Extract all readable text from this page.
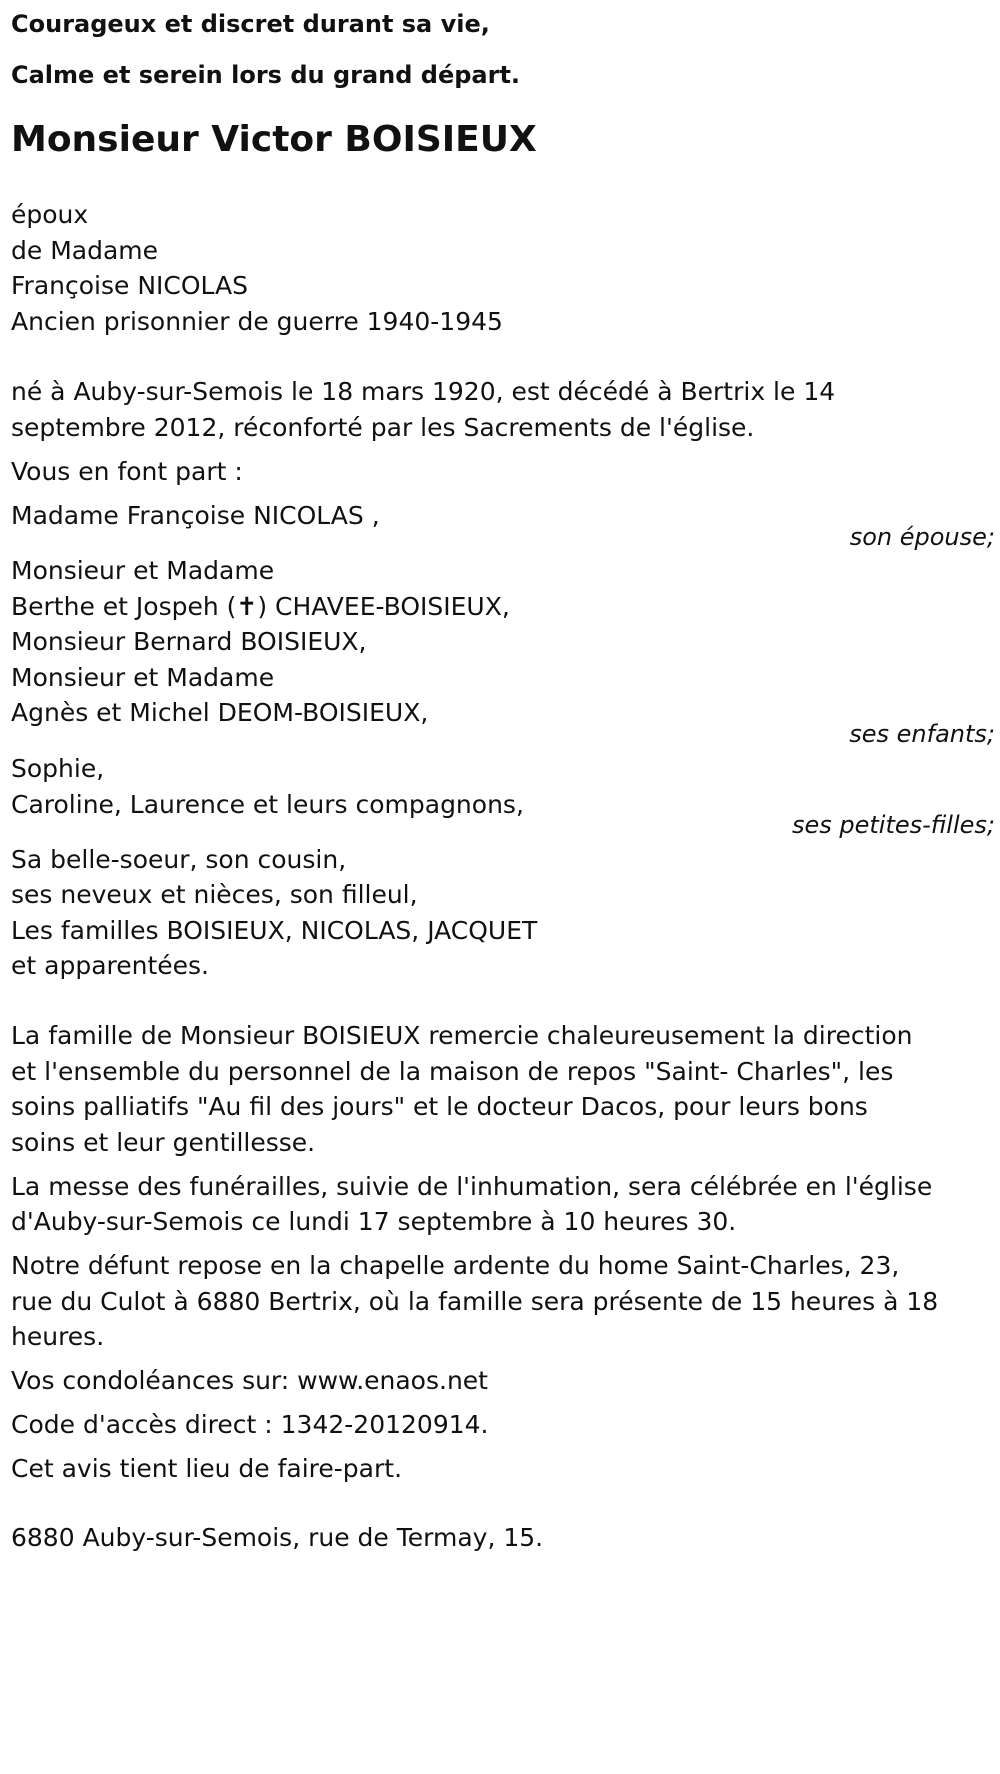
Courageux et discret durant sa vie,
Calme et serein lors du grand départ.
Monsieur Victor BOISIEUX
époux
de Madame
Françoise NICOLAS
Ancien prisonnier de guerre 1940-1945
né à Auby-sur-Semois le 18 mars 1920, est décédé à Bertrix le 14
septembre 2012, réconforté par les Sacrements de l'église.
Vous en font part :
Madame Françoise NICOLAS ,
son épouse;
Monsieur et Madame
Berthe et Jospeh (✝) CHAVEE-BOISIEUX,
Monsieur Bernard BOISIEUX,
Monsieur et Madame
Agnès et Michel DEOM-BOISIEUX,
ses enfants;
Sophie,
Caroline, Laurence et leurs compagnons,
ses petites-filles;
Sa belle-soeur, son cousin,
ses neveux et nièces, son filleul,
Les familles BOISIEUX, NICOLAS, JACQUET
et apparentées.
La famille de Monsieur BOISIEUX remercie chaleureusement la direction
et l'ensemble du personnel de la maison de repos "Saint- Charles", les
soins palliatifs "Au fil des jours" et le docteur Dacos, pour leurs bons
soins et leur gentillesse.
La messe des funérailles, suivie de l'inhumation, sera célébrée en l'église
d'Auby-sur-Semois ce lundi 17 septembre à 10 heures 30.
Notre défunt repose en la chapelle ardente du home Saint-Charles, 23,
rue du Culot à 6880 Bertrix, où la famille sera présente de 15 heures à 18
heures.
Vos condoléances sur: www.enaos.net
Code d'accès direct : 1342-20120914.
Cet avis tient lieu de faire-part.
6880 Auby-sur-Semois, rue de Termay, 15.
